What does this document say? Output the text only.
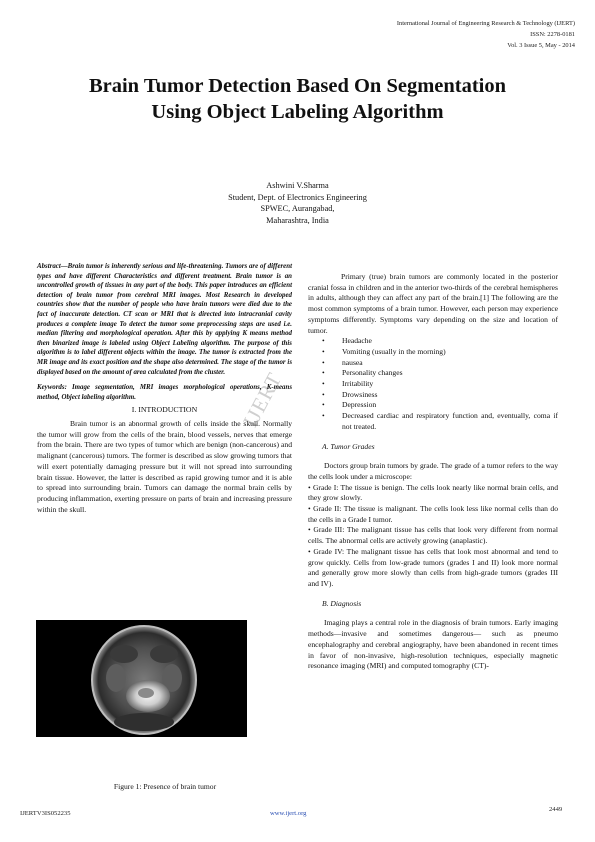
International Journal of Engineering Research & Technology (IJERT)
ISSN: 2278-0181
Vol. 3 Issue 5, May - 2014
Brain Tumor Detection Based On Segmentation
Using Object Labeling Algorithm
Ashwini V.Sharma
Student, Dept. of Electronics Engineering
SPWEC, Aurangabad,
Maharashtra, India
IJERT

Abstract—Brain tumor is inherently serious and life-threatening. Tumors are of different types and have different Characteristics and different treatment. Brain tumor is an uncontrolled growth of tissues in any part of the body. This paper introduces an efficient detection of brain tumor from cerebral MRI images. Most Research in developed countries show that the number of people who have brain tumors were died due to the fact of inaccurate detection. CT scan or MRI that is directed into intracranial cavity produces a complete image To detect the tumor some preprocessing steps are used i.e. median filtering and morphological operation. After this by applying K means method then binarized image is labeled using Object Labeling algorithm. The purpose of this algorithm is to label different objects within the image. The tumor is extracted from the MR image and its exact position and the shape also determined. The stage of the tumor is displayed based on the amount of area calculated from the cluster.

Keywords: Image segmentation, MRI images morphological operations, K-means method, Object labeling algorithm.

I. INTRODUCTION

Brain tumor is an abnormal growth of cells inside the skull. Normally the tumor will grow from the cells of the brain, blood vessels, nerves that emerge from the brain. There are two types of tumor which are benign (non-cancerous) and malignant (cancerous) tumors. The former is described as slow growing tumors that will exert potentially damaging pressure but it will not spread into surrounding brain tissue. However, the latter is described as rapid growing tumor and it is able to spread into surrounding brain. Tumors can damage the normal brain cells by producing inflammation, exerting pressure on parts of brain and increasing pressure within the skull.

Figure 1: Presence of brain tumor

Primary (true) brain tumors are commonly located in the posterior cranial fossa in children and in the anterior two-thirds of the cerebral hemispheres in adults, although they can affect any part of the brain.[1] The following are the most common symptoms of a brain tumor. However, each person may experience symptoms differently. Symptoms vary depending on the size and location of tumor.

• Headache
• Vomiting (usually in the morning)
• nausea
• Personality changes
• Irritability
• Drowsiness
• Depression
• Decreased cardiac and respiratory function and, eventually, coma if not treated.
A. Tumor Grades

Doctors group brain tumors by grade. The grade of a tumor refers to the way the cells look under a microscope:

• Grade I: The tissue is benign. The cells look nearly like normal brain cells, and they grow slowly.

• Grade II: The tissue is malignant. The cells look less like normal cells than do the cells in a Grade I tumor.

• Grade III: The malignant tissue has cells that look very different from normal cells. The abnormal cells are actively growing (anaplastic).

• Grade IV: The malignant tissue has cells that look most abnormal and tend to grow quickly. Cells from low-grade tumors (grades I and II) look more normal and generally grow more slowly than cells from high-grade tumors (grades III and IV).

B. Diagnosis

Imaging plays a central role in the diagnosis of brain tumors. Early imaging methods—invasive and sometimes dangerous— such as pneumo encephalography and cerebral angiography, have been abandoned in recent times in favor of non-invasive, high-resolution techniques, especially magnetic resonance imaging (MRI) and computed tomography (CT)-

IJERTV3IS052235	www.ijert.org
2449
